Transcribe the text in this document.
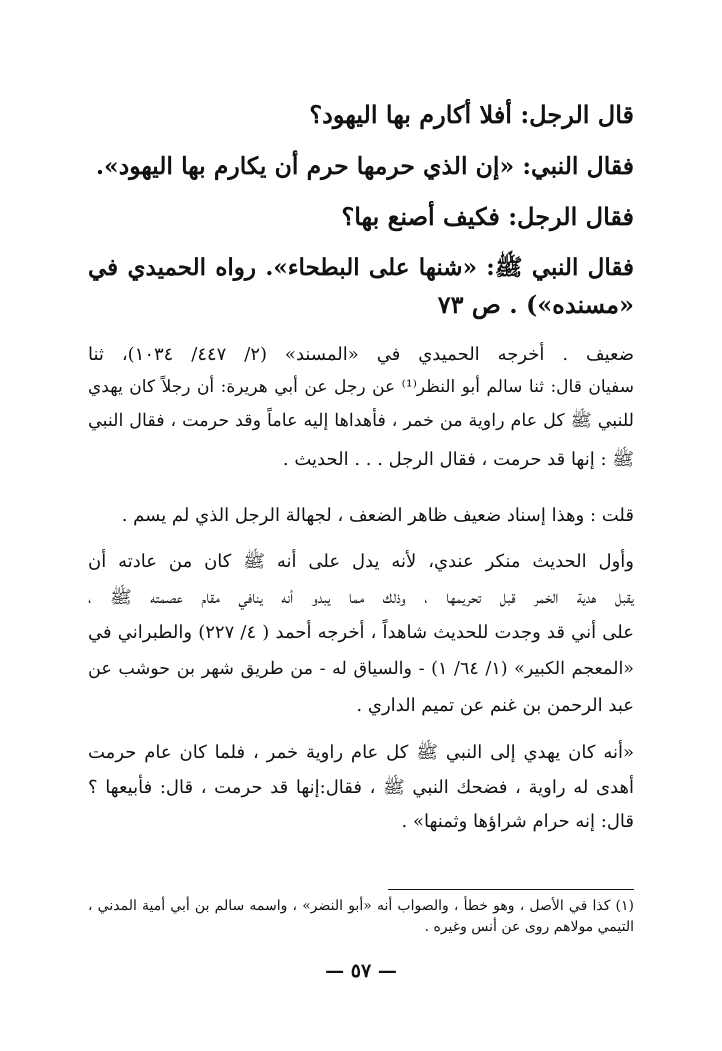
قال الرجل: أفلا أكارم بها اليهود؟
فقال النبي: «إن الذي حرمها حرم أن يكارم بها اليهود».
فقال الرجل: فكيف أصنع بها؟
فقال النبي ﷺ: «شنها على البطحاء». رواه الحميدي في
«مسنده») . ص ٧٣
ضعيف . أخرجه الحميدي في «المسند» (٢/ ٤٤٧/ ١٠٣٤)، ثنا
سفيان قال: ثنا سالم أبو النظر⁽¹⁾ عن رجل عن أبي هريرة: أن رجلاً كان يهدي
للنبي ﷺ كل عام راوية من خمر ، فأهداها إليه عاماً وقد حرمت ، فقال النبي
ﷺ : إنها قد حرمت ، فقال الرجل . . . الحديث .
قلت : وهذا إسناد ضعيف ظاهر الضعف ، لجهالة الرجل الذي لم يسم .
وأول الحديث منكر عندي، لأنه يدل على أنه ﷺ كان من عادته أن
يقبل هدية الخمر قبل تحريمها ، وذلك مما يبدو أنه ينافي مقام عصمته ﷺ ،
على أني قد وجدت للحديث شاهداً ، أخرجه أحمد ( ٤/ ٢٢٧) والطبراني في
«المعجم الكبير» (١/ ٦٤/ ١) - والسياق له - من طريق شهر بن حوشب عن
عبد الرحمن بن غنم عن تميم الداري .
«أنه كان يهدي إلى النبي ﷺ كل عام راوية خمر ، فلما كان عام حرمت
أهدى له راوية ، فضحك النبي ﷺ ، فقال:إنها قد حرمت ، قال: فأبيعها ؟
قال: إنه حرام شراؤها وثمنها» .
(١) كذا في الأصل ، وهو خطأ ، والصواب أنه «أبو النضر» ، واسمه سالم بن أبي أمية المدني ،
التيمي مولاهم روى عن أنس وغيره .
— ٥٧ —
